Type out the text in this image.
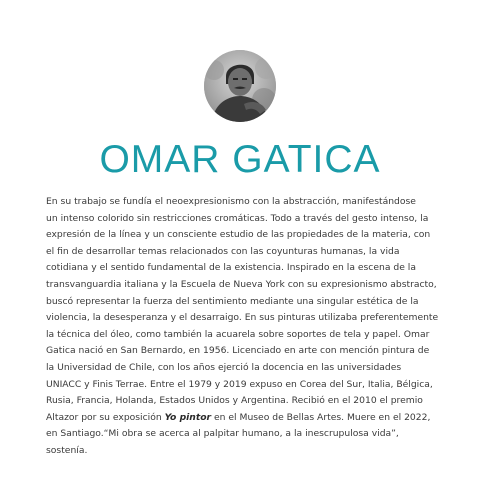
OMAR GATICA
En su trabajo se fundía el neoexpresionismo con la abstracción, manifestándose
un intenso colorido sin restricciones cromáticas. Todo a través del gesto intenso, la
expresión de la línea y un consciente estudio de las propiedades de la materia, con
el fin de desarrollar temas relacionados con las coyunturas humanas, la vida
cotidiana y el sentido fundamental de la existencia. Inspirado en la escena de la
transvanguardia italiana y la Escuela de Nueva York con su expresionismo abstracto,
buscó representar la fuerza del sentimiento mediante una singular estética de la
violencia, la desesperanza y el desarraigo. En sus pinturas utilizaba preferentemente
la técnica del óleo, como también la acuarela sobre soportes de tela y papel. Omar
Gatica nació en San Bernardo, en 1956. Licenciado en arte con mención pintura de
la Universidad de Chile, con los años ejerció la docencia en las universidades
UNIACC y Finis Terrae. Entre el 1979 y 2019 expuso en Corea del Sur, Italia, Bélgica,
Rusia, Francia, Holanda, Estados Unidos y Argentina. Recibió en el 2010 el premio
Altazor por su exposición Yo pintor en el Museo de Bellas Artes. Muere en el 2022,
en Santiago.“Mi obra se acerca al palpitar humano, a la inescrupulosa vida”,
sostenía.
